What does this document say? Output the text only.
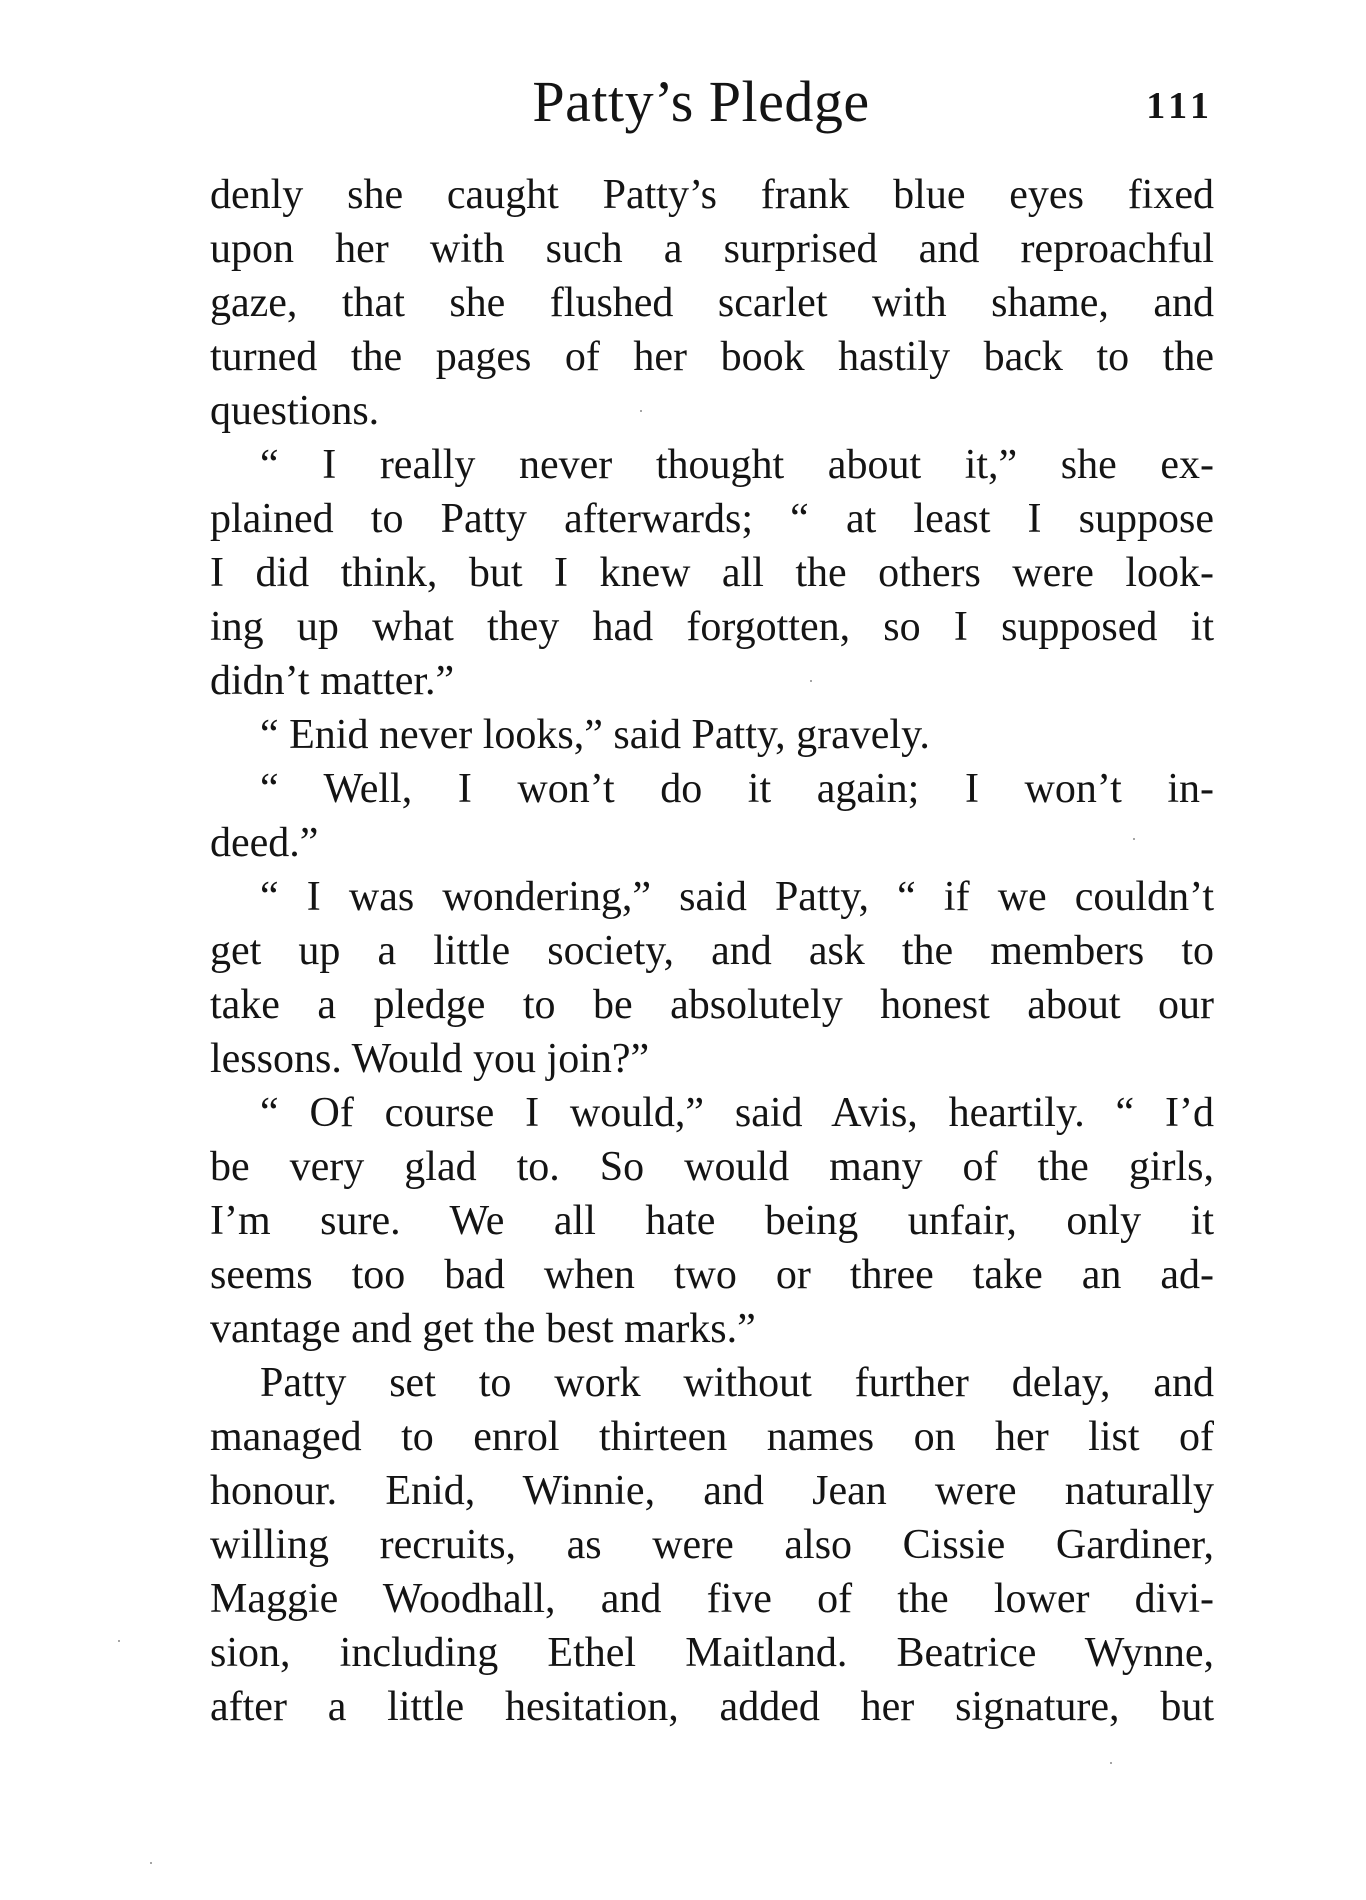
Patty’s Pledge	111
denly she caught Patty’s frank blue eyes fixed
upon her with such a surprised and reproachful
gaze, that she flushed scarlet with shame, and
turned the pages of her book hastily back to the
questions.
“ I really never thought about it,” she ex-
plained to Patty afterwards; “ at least I suppose
I did think, but I knew all the others were look-
ing up what they had forgotten, so I supposed it
didn’t matter.”
“ Enid never looks,” said Patty, gravely.
“ Well, I won’t do it again; I won’t in-
deed.”
“ I was wondering,” said Patty, “ if we couldn’t
get up a little society, and ask the members to
take a pledge to be absolutely honest about our
lessons. Would you join?”
“ Of course I would,” said Avis, heartily. “ I’d
be very glad to. So would many of the girls,
I’m sure. We all hate being unfair, only it
seems too bad when two or three take an ad-
vantage and get the best marks.”
Patty set to work without further delay, and
managed to enrol thirteen names on her list of
honour. Enid, Winnie, and Jean were naturally
willing recruits, as were also Cissie Gardiner,
Maggie Woodhall, and five of the lower divi-
sion, including Ethel Maitland. Beatrice Wynne,
after a little hesitation, added her signature, but
